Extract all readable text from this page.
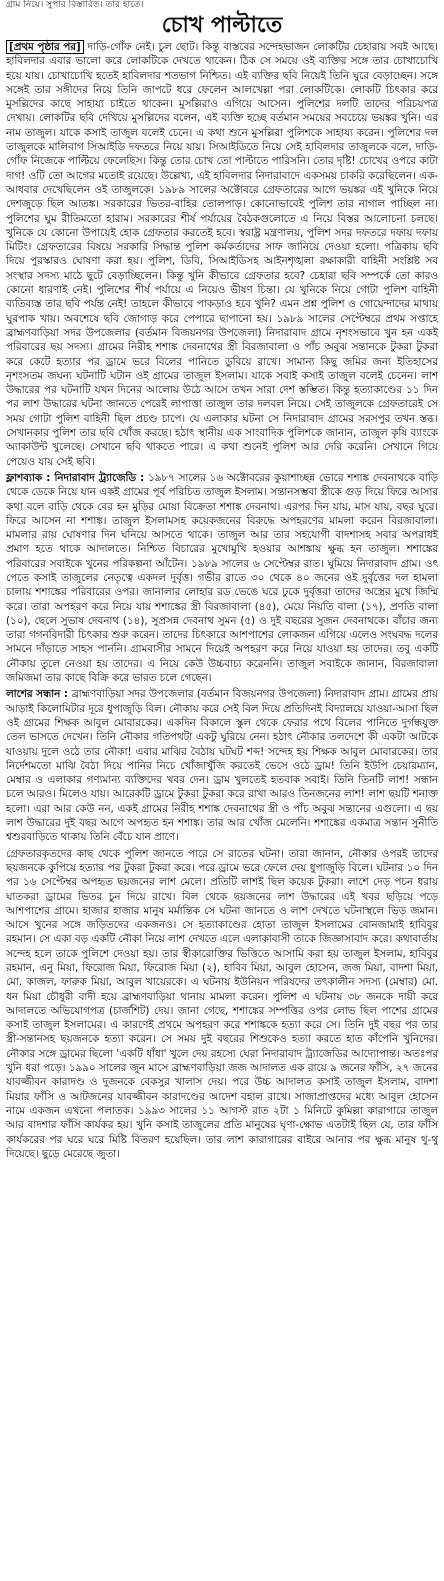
গ্রাম নিয়ে। সুপার বিস্তারিত। তার হাতে।
চোখ পাল্টাতে

[প্রথম পৃষ্ঠার পর] দাড়ি-গোঁফ নেই। চুল ছোট। কিন্তু বাস্তবের সন্দেহভাজন লোকটির চেহারায় সবই আছে। হাবিলদার এবার ভালো করে লোকটিকে দেখতে থাকেন। ঠিক সে সময়ে ওই ব্যক্তির সঙ্গে তার চোখাচোখি হয়ে যায়। চোখাচোখি হতেই হাবিলদার শতভাগ নিশ্চিত। এই ব্যক্তির ছবি নিয়েই তিনি ঘুরে বেড়াচ্ছেন। সঙ্গে সঙ্গেই তার সঙ্গীদের নিয়ে তিনি জাপটে ধরে ফেলেন আলখেল্লা পরা লোকটিকে। লোকটি চিৎকার করে মুসল্লিদের কাছে সাহায্য চাইতে থাকেন। মুসল্লিরাও এগিয়ে আসেন। পুলিশের দলটি তাদের পরিচয়পত্র দেখায়। লোকটির ছবি দেখিয়ে মুসল্লিদের বলেন, এই ব্যক্তি হচ্ছে বর্তমান সময়ের সবচেয়ে ভয়ঙ্কর খুনি। এর নাম তাজুল। যাকে কসাই তাজুল বলেই চেনে। এ কথা শুনে মুসল্লিরা পুলিশকে সাহায্য করেন। পুলিশের দল তাজুলকে মালিবাগ সিআইডি দফতরে নিয়ে যায়। সিআইডিতে নিয়ে সেই হাবিলদার তাজুলকে বলে, দাড়ি-গোঁফ নিজেকে পাল্টিয়ে ফেলেছিস। কিন্তু তোর চোখ তো পাল্টাতে পারিসনি। তোর দৃষ্টি! চোখের ওপরে কাটা দাগ! ওটি তো আগের মতোই রয়েছে। উল্লেখ্য, এই হাবিলদার নিদারাবাদে একসময় চাকরি করেছিলেন। এক-আধবার দেখেছিলেন ওই তাজুলকে। ১৯৮৯ সালের অক্টোবরে গ্রেফতারের আগে ভয়ঙ্কর এই খুনিকে নিয়ে দেশজুড়ে ছিল আতঙ্ক। সরকারের ভিতর-বাহির তোলপাড়। কোনোভাবেই পুলিশ তার নাগাল পাচ্ছিল না। পুলিশের ঘুম রীতিমতো হারাম। সরকারের শীর্ষ পর্যায়ের বৈঠকগুলোতে এ নিয়ে বিস্তর আলোচনা চলছে। খুনিকে যে কোনো উপায়েই হোক গ্রেফতার করতেই হবে। স্বরাষ্ট্র মন্ত্রণালয়, পুলিশ সদর দফতরে দফায় দফায় মিটিং। গ্রেফতারের বিষয়ে সরকারি সিদ্ধান্ত পুলিশ কর্মকর্তাদের সাফ জানিয়ে দেওয়া হলো। পত্রিকায় ছবি দিয়ে পুরস্কারও ঘোষণা করা হয়। পুলিশ, ডিবি, সিআইডিসহ আইনশৃঙ্খলা রক্ষাকারী বাহিনী সংশ্লিষ্ট সব সংস্থার সদস্য মাঠে ছুটে বেড়াচ্ছিলেন। কিন্তু খুনি কীভাবে গ্রেফতার হবে? চেহারা ছবি সম্পর্কে তো কারও কোনো ধারণাই নেই। পুলিশের শীর্ষ পর্যায়ে এ নিয়েও ভীষণ চিন্তা। যে খুনিকে নিয়ে গোটা পুলিশ বাহিনী ব্যতিব্যস্ত তার ছবি পর্যন্ত নেই! তাহলে কীভাবে পাকড়াও হবে খুনি? এমন প্রশ্ন পুলিশ ও গোয়েন্দাদের মাথায় ঘুরপাক খায়। অবশেষে ছবি জোগাড় করে পেপারে ছাপানো হয়। ১৯৮৯ সালের সেপ্টেম্বরে প্রথম সপ্তাহে ব্রাহ্মণবাড়িয়া সদর উপজেলার (বর্তমান বিজয়নগর উপজেলা) নিদারাবাদ গ্রামে নৃশংসভাবে খুন হন একই পরিবারের ছয় সদস্য। গ্রামের নিরীহ শশাঙ্ক দেবনাথের স্ত্রী বিরজাবালা ও পাঁচ অবুঝ সন্তানকে টুকরা টুকরা করে কেটে হত্যার পর ড্রামে ভরে বিলের পানিতে ডুবিয়ে রাখে। সামান্য কিছু জমির জন্য ইতিহাসের নৃশংসতম জঘন্য ঘটনাটি ঘটান ওই গ্রামের তাজুল ইসলাম। যাকে সবাই কসাই তাজুল বলেই চেনেন। লাশ উদ্ধারের পর ঘটনাটি যখন দিনের আলোয় উঠে আসে তখন সারা দেশ স্তম্ভিত। কিন্তু হত্যাকাণ্ডের ১১ দিন পর লাশ উদ্ধারের ঘটনা জানতে পেরেই লাপাত্তা তাজুল তার দলবল নিয়ে। সেই তাজুলকে গ্রেফতারেই সে সময় গোটা পুলিশ বাহিনী ছিল প্রচণ্ড চাপে। যে এলাকার ঘটনা সে নিদারাবাদ গ্রামের সরসপুর তখন স্তব্ধ। সেখানকার পুলিশ তার ছবি খোঁজ করছে। হঠাৎ স্থানীয় এক সাংবাদিক পুলিশকে জানান, তাজুল কৃষি ব্যাংকে অ্যাকাউন্ট খুলেছে। সেখানে ছবি থাকতে পারে। এ কথা শুনেই পুলিশ আর দেরি করেনি। সেখানে গিয়ে পেয়েও যায় সেই ছবি।

ফ্লাশব্যাক : নিদারাবাদ ট্র্যাজেডি : ১৯৮৭ সালের ১৬ অক্টোবরের কুয়াশাচ্ছন্ন ভোরে শশাঙ্ক দেবনাথকে বাড়ি থেকে ডেকে নিয়ে যান একই গ্রামের পূর্ব পরিচিত তাজুল ইসলাম। সন্তানসম্ভবা স্ত্রীকে গুড় দিয়ে ফিরে আসার কথা বলে বাড়ি থেকে বের হন মুড়ির মোয়া বিক্রেতা শশাঙ্ক দেবনাথ। এরপর দিন যায়, মাস যায়, বছর ঘুরে। ফিরে আসেন না শশাঙ্ক। তাজুল ইসলামসহ কয়েকজনের বিরুদ্ধে অপহরণের মামলা করেন বিরজাবালা। মামলার রায় ঘোষণার দিন ঘনিয়ে আসতে থাকে। তাজুল আর তার সহযোগী বাদশাসহ সবার অপরাধই প্রমাণ হতে থাকে আদালতে। নিশ্চিত বিচারের মুখোমুখি হওয়ার আশঙ্কায় ক্ষুব্ধ হন তাজুল। শশাঙ্কের পরিবারের সবাইকে খুনের পরিকল্পনা আঁটেন। ১৯৮৯ সালের ৬ সেপ্টেম্বর রাত। ঘুমিয়ে নিদারাবাদ গ্রাম। ওৎ পেতে কসাই তাজুলের নেতৃত্বে একদল দুর্বৃত্ত। গভীর রাতে ৩০ থেকে ৪০ জনের ওই দুর্বৃত্তের দল হামলা চালায় শশাঙ্কের পরিবারের ওপর। জানালার লোহার রড ভেঙে ঘরে ঢুকে দুর্বৃত্তরা তাদের অস্ত্রের মুখে জিম্মি করে। তারা অপহরণ করে নিয়ে যায় শশাঙ্কের স্ত্রী বিরজাবালা (৪৫), মেয়ে নিয়তি বালা (১৭), প্রণতি বালা (১০), ছেলে সুভাষ দেবনাথ (১৪), সুপ্রসন্ন দেবনাথ সুমন (৫) ও দুই বছরের সুজন দেবনাথকে। বাঁচার জন্য তারা গগনবিদারী চিৎকার শুরু করেন। তাদের চিৎকারে আশপাশের লোকজন এগিয়ে এলেও সংঘবদ্ধ দলের সামনে দাঁড়াতে সাহস পাননি। গ্রামবাসীর সামনে দিয়েই অপহরণ করে নিয়ে যাওয়া হয় তাদের। তবু একটি নৌকায় তুলে নেওয়া হয় তাদের। এ নিয়ে কেউ উচ্চবাচ্য করেননি। তাজুল সবাইকে জানান, বিরজাবালা জমিজমা তার কাছে বিক্রি করে ভারত চলে গেছেন।

লাশের সন্ধান : ব্রাহ্মণবাড়িয়া সদর উপজেলার (বর্তমান বিজয়নগর উপজেলা) নিদারাবাদ গ্রাম। গ্রামের প্রায় আড়াই কিলোমিটার দূরে ধুপাজুড়ি বিল। নৌকায় করে সেই বিল দিয়ে প্রতিদিনই বিদ্যালয়ে যাওয়া-আসা ছিল ওই গ্রামের শিক্ষক আবুল মোবারকের। একদিন বিকালে স্কুল থেকে ফেরার পথে বিলের পানিতে দুর্গন্ধযুক্ত তেল ভাসতে দেখেন। তিনি নৌকার গতিপথটা একটু ঘুরিয়ে নেন। হঠাৎ নৌকার তলদেশে কী একটা আটকে যাওয়ায় দুলে ওঠে তার নৌকা! এবার মাঝির বৈঠায় ঘটঘট শব্দ! সন্দেহ হয় শিক্ষক আবুল মোবারকের। তার নির্দেশমতো মাঝি বৈঠা দিয়ে পানির নিচে খোঁজাখুঁজি করতেই ভেসে ওঠে ড্রাম! তিনি ইউপি চেয়ারম্যান, মেম্বার ও এলাকার গণ্যমান্য ব্যক্তিদের খবর দেন। ড্রাম খুলতেই হতবাক সবাই। তিনি তিনটি লাশ! সন্ধান চলে আরও। মিলেও যায়। আরেকটি ড্রামে টুকরা টুকরা করে রাখা আরও তিনজনের লাশ! লাশ ছয়টি শনাক্ত হলো। এরা আর কেউ নন, একই গ্রামের নিরীহ শশাঙ্ক দেবনাথের স্ত্রী ও পাঁচ অবুঝ সন্তানের এগুলো। এ ছয় লাশ উদ্ধারের দুই বছর আগে অপহৃত হন শশাঙ্ক। তার আর খোঁজ মেলেনি। শশাঙ্কের একমাত্র সন্তান সুনীতি শ্বশুরবাড়িতে থাকায় তিনি বেঁচে যান প্রাণে।

গ্রেফতারকৃতদের কাছ থেকে পুলিশ জানতে পারে সে রাতের ঘটনা। তারা জানান, নৌকার ওপরই তাদের ছয়জনকে কুপিয়ে হত্যার পর টুকরা টুকরা করে। পরে ড্রামে ভরে ফেলে দেয় ধুপাজুড়ি বিলে। ঘটনার ১০ দিন পর ১৬ সেপ্টেম্বর অপহৃত ছয়জনের লাশ মেলে। প্রতিটি লাশই ছিল কয়েক টুকরা। লাশে দেড় পচন ধরায় ঘাতকরা ড্রামের ভিতর চুন দিয়ে রাখে। বিল থেকে ছয়জনের লাশ উদ্ধারের এই খবর ছড়িয়ে পড়ে আশপাশের গ্রামে। হাজার হাজার মানুষ মর্মান্তিক সে ঘটনা জানতে ও লাশ দেখতে ঘটনাস্থলে ভিড় জমান। আসে খুনের সঙ্গে জড়িতদের একজনও। সে হত্যাকাণ্ডের হোতা তাজুল ইসলামের বোনজামাই হাবিবুর রহমান। সে একা বড় একটি নৌকা নিয়ে লাশ দেখতে এলে এলাকাবাসী তাকে জিজ্ঞাসাবাদ করে। কথাবার্তায় সন্দেহ হলে তাকে পুলিশে দেওয়া হয়। তার স্বীকারোক্তির ভিত্তিতে আসামি করা হয় তাজুল ইসলাম, হাবিবুর রহমান, এনু মিয়া, ফিরোজ মিয়া, ফিরোজ মিয়া (২), হাবিব মিয়া, আবুল হোসেন, জজ মিয়া, বাদশা মিয়া, মো. কাজল, ফারুক মিয়া, আবুল খায়েরকে। এ ঘটনায় ইউনিয়ন পরিষদের তৎকালীন সদস্য (মেম্বার) মো. ধন মিয়া চৌধুরী বাদী হয়ে ব্রাহ্মণবাড়িয়া থানায় মামলা করেন। পুলিশ এ ঘটনায় ৩৮ জনকে দায়ী করে আদালতে অভিযোগপত্র (চার্জশিট) দেয়। জানা গেছে, শশাঙ্কের সম্পত্তির ওপর লোভ ছিল পাশের গ্রামের কসাই তাজুল ইসলামের। এ কারণেই প্রথমে অপহরণ করে শশাঙ্ককে হত্যা করে সে। তিনি দুই বছর পর তার স্ত্রী-সন্তানসহ ছয়জনকে হত্যা করেন। সে সময় দুই বছরের শিশুকেও হত্যা করতে হাত কাঁপেনি খুনিদের। নৌকার সঙ্গে ড্রামের ছিলো 'একটি ধাঁধা' খুলে দেয় রহস্যে ঘেরা নিদারাবাদ ট্র্যাজেডির আদ্যোপান্ত। অতঃপর খুনি ধরা পড়ে। ১৯৯০ সালের জুন মাসে ব্রাহ্মণবাড়িয়া জজ আদালত এক রায়ে ৯ জনের ফাঁসি, ২৭ জনের যাবজ্জীবন কারাদণ্ড ও দুজনকে বেকসুর খালাস দেয়। পরে উচ্চ আদালত কসাই তাজুল ইসলাম, বাদশা মিয়ার ফাঁসি ও আটজনের যাবজ্জীবন কারাদণ্ডের আদেশ বহাল রাখে। সাজাপ্রাপ্তদের মধ্যে আবুল হোসেন নামে একজন এখনো পলাতক। ১৯৯৩ সালের ১১ আগস্ট রাত ২টা ১ মিনিটে কুমিল্লা কারাগারে তাজুল আর বাদশার ফাঁসি কার্যকর হয়। খুনি কসাই তাজুলের প্রতি মানুষের ঘৃণা-ক্ষোভ এতটাই ছিল যে, তার ফাঁসি কার্যকরের পর ঘরে ঘরে মিষ্টি বিতরণ হয়েছিল। তার লাশ কারাগারের বাইরে আনার পর ক্ষুব্ধ মানুষ থু-থু দিয়েছে। ছুড়ে মেরেছে জুতা।
